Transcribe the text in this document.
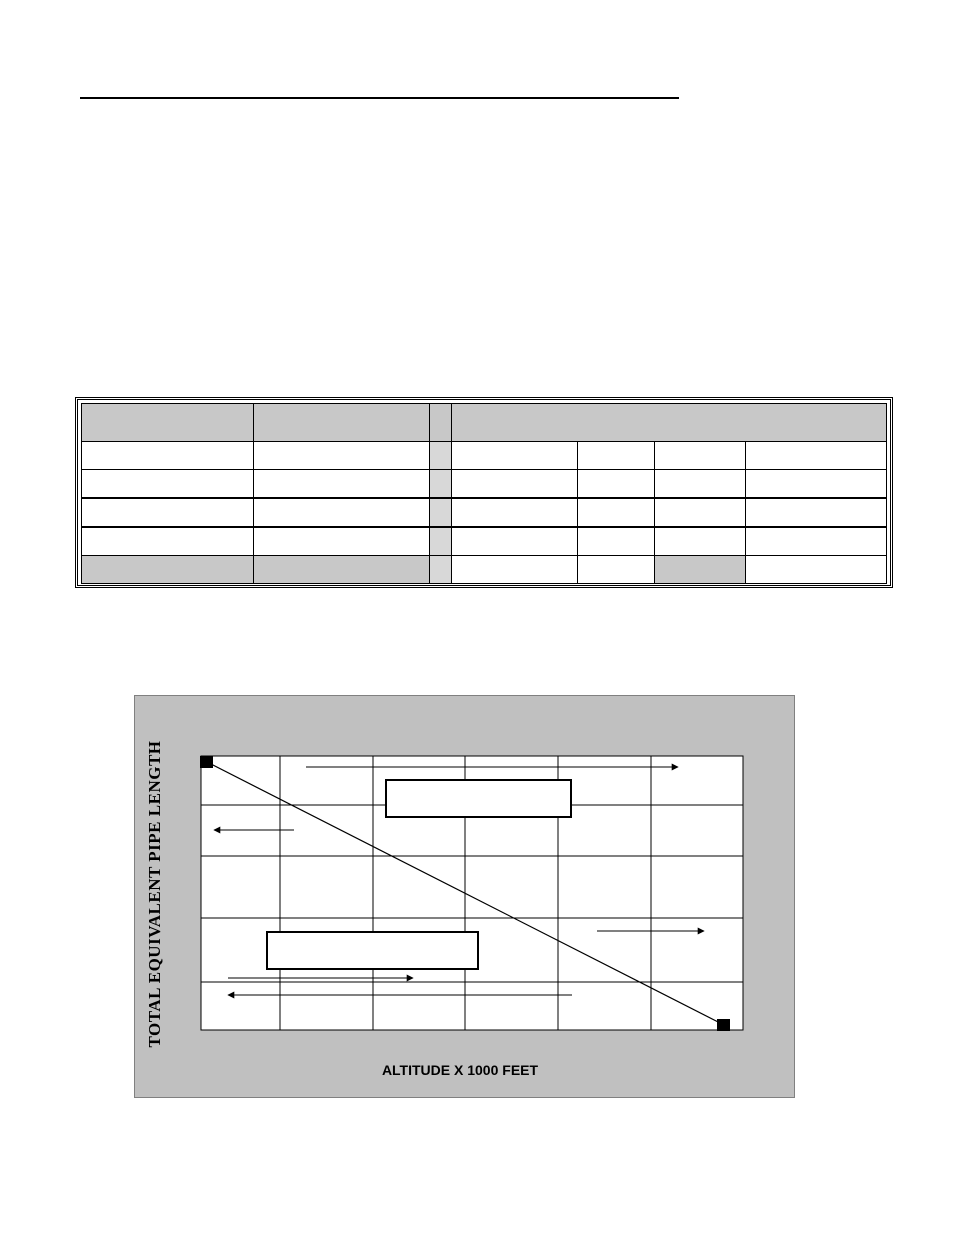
TOTAL EQUIVALENT PIPE LENGTH
ALTITUDE X 1000 FEET
